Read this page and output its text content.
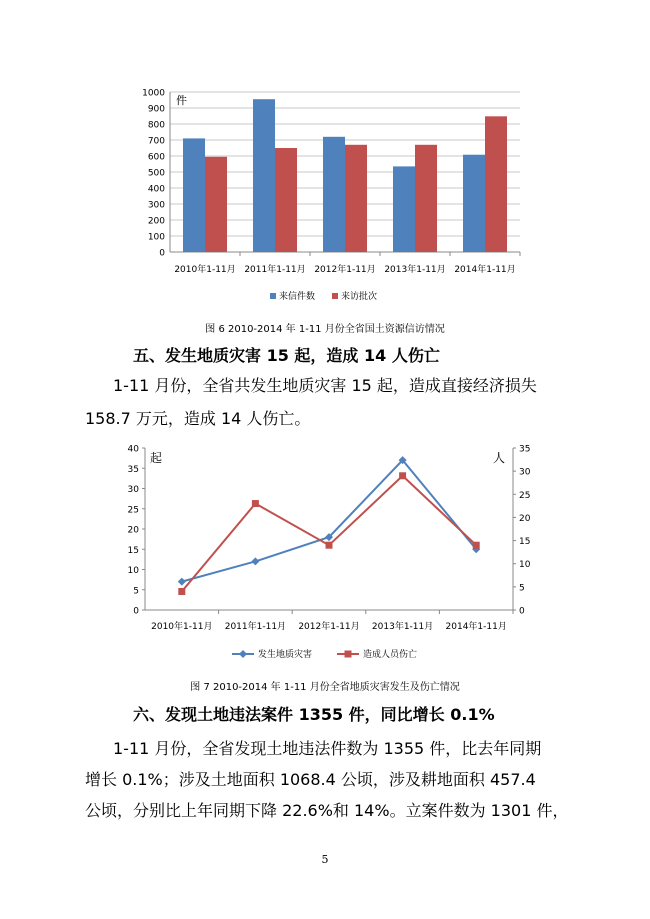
0
100
200
300
400
500
600
700
800
900
1000
件
2010年1-11月 2011年1-11月 2012年1-11月 2013年1-11月 2014年1-11月
来信件数	来访批次
图 6 2010-2014 年 1-11 月份全省国土资源信访情况
五、发生地质灾害 15 起，造成 14 人伤亡
1-11 月份，全省共发生地质灾害 15 起，造成直接经济损失
158.7 万元，造成 14 人伤亡。
0
5
10
15
20
25
30
35
40
0
5
10
15
20
25
30
35
起	人
2010年1-11月 2011年1-11月 2012年1-11月 2013年1-11月 2014年1-11月
发生地质灾害	造成人员伤亡
图 7 2010-2014 年 1-11 月份全省地质灾害发生及伤亡情况
六、发现土地违法案件 1355 件，同比增长 0.1%
1-11 月份，全省发现土地违法件数为 1355 件，比去年同期
增长 0.1%；涉及土地面积 1068.4 公顷，涉及耕地面积 457.4
公顷，分别比上年同期下降 22.6%和 14%。立案件数为 1301 件，
5
